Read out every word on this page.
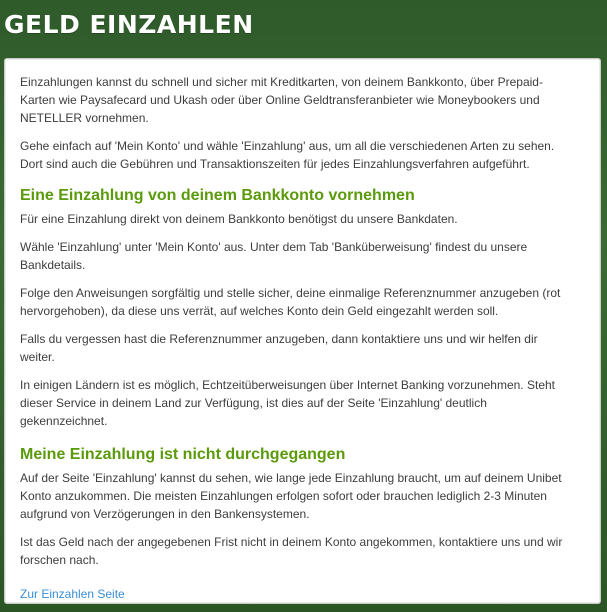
GELD EINZAHLEN

Einzahlungen kannst du schnell und sicher mit Kreditkarten, von deinem Bankkonto, über Prepaid-Karten wie Paysafecard und Ukash oder über Online Geldtransferanbieter wie Moneybookers und NETELLER vornehmen.

Gehe einfach auf 'Mein Konto' und wähle 'Einzahlung' aus, um all die verschiedenen Arten zu sehen. Dort sind auch die Gebühren und Transaktionszeiten für jedes Einzahlungsverfahren aufgeführt.

Eine Einzahlung von deinem Bankkonto vornehmen

Für eine Einzahlung direkt von deinem Bankkonto benötigst du unsere Bankdaten.

Wähle 'Einzahlung' unter 'Mein Konto' aus. Unter dem Tab 'Banküberweisung' findest du unsere Bankdetails.

Folge den Anweisungen sorgfältig und stelle sicher, deine einmalige Referenznummer anzugeben (rot hervorgehoben), da diese uns verrät, auf welches Konto dein Geld eingezahlt werden soll.

Falls du vergessen hast die Referenznummer anzugeben, dann kontaktiere uns und wir helfen dir weiter.

In einigen Ländern ist es möglich, Echtzeitüberweisungen über Internet Banking vorzunehmen. Steht dieser Service in deinem Land zur Verfügung, ist dies auf der Seite 'Einzahlung' deutlich gekennzeichnet.

Meine Einzahlung ist nicht durchgegangen

Auf der Seite 'Einzahlung' kannst du sehen, wie lange jede Einzahlung braucht, um auf deinem Unibet Konto anzukommen. Die meisten Einzahlungen erfolgen sofort oder brauchen lediglich 2-3 Minuten aufgrund von Verzögerungen in den Bankensystemen.

Ist das Geld nach der angegebenen Frist nicht in deinem Konto angekommen, kontaktiere uns und wir forschen nach.

Zur Einzahlen Seite
